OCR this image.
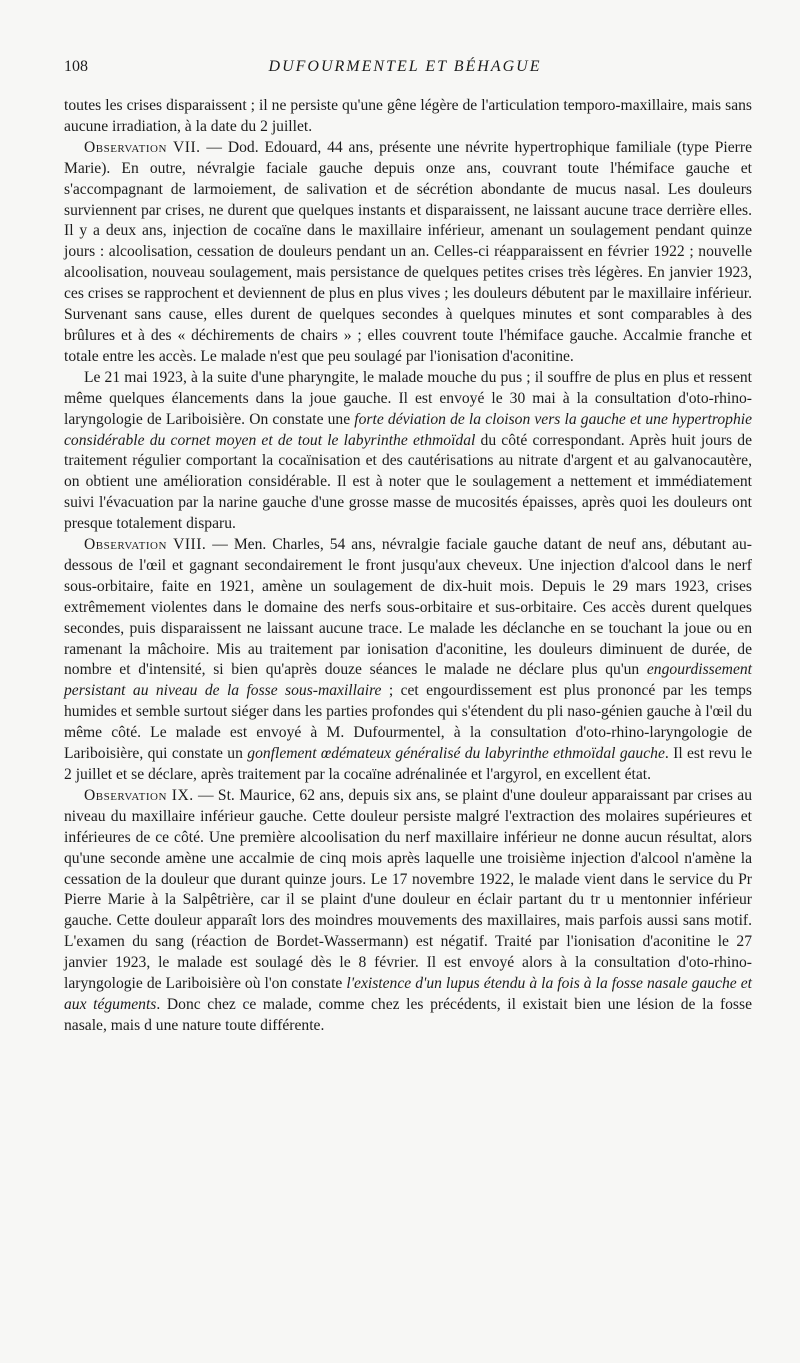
108	DUFOURMENTEL ET BÉHAGUE

toutes les crises disparaissent ; il ne persiste qu'une gêne légère de l'articulation temporo-maxillaire, mais sans aucune irradiation, à la date du 2 juillet.

Observation VII. — Dod. Edouard, 44 ans, présente une névrite hypertrophique familiale (type Pierre Marie). En outre, névralgie faciale gauche depuis onze ans, couvrant toute l'hémiface gauche et s'accompagnant de larmoiement, de salivation et de sécrétion abondante de mucus nasal. Les douleurs surviennent par crises, ne durent que quelques instants et disparaissent, ne laissant aucune trace derrière elles. Il y a deux ans, injection de cocaïne dans le maxillaire inférieur, amenant un soulagement pendant quinze jours : alcoolisation, cessation de douleurs pendant un an. Celles-ci réapparaissent en février 1922 ; nouvelle alcoolisation, nouveau soulagement, mais persistance de quelques petites crises très légères. En janvier 1923, ces crises se rapprochent et deviennent de plus en plus vives ; les douleurs débutent par le maxillaire inférieur. Survenant sans cause, elles durent de quelques secondes à quelques minutes et sont comparables à des brûlures et à des « déchirements de chairs » ; elles couvrent toute l'hémiface gauche. Accalmie franche et totale entre les accès. Le malade n'est que peu soulagé par l'ionisation d'aconitine.

Le 21 mai 1923, à la suite d'une pharyngite, le malade mouche du pus ; il souffre de plus en plus et ressent même quelques élancements dans la joue gauche. Il est envoyé le 30 mai à la consultation d'oto-rhino-laryngologie de Lariboisière. On constate une forte déviation de la cloison vers la gauche et une hypertrophie considérable du cornet moyen et de tout le labyrinthe ethmoïdal du côté correspondant. Après huit jours de traitement régulier comportant la cocaïnisation et des cautérisations au nitrate d'argent et au galvanocautère, on obtient une amélioration considérable. Il est à noter que le soulagement a nettement et immédiatement suivi l'évacuation par la narine gauche d'une grosse masse de mucosités épaisses, après quoi les douleurs ont presque totalement disparu.

Observation VIII. — Men. Charles, 54 ans, névralgie faciale gauche datant de neuf ans, débutant au-dessous de l'œil et gagnant secondairement le front jusqu'aux cheveux. Une injection d'alcool dans le nerf sous-orbitaire, faite en 1921, amène un soulagement de dix-huit mois. Depuis le 29 mars 1923, crises extrêmement violentes dans le domaine des nerfs sous-orbitaire et sus-orbitaire. Ces accès durent quelques secondes, puis disparaissent ne laissant aucune trace. Le malade les déclanche en se touchant la joue ou en ramenant la mâchoire. Mis au traitement par ionisation d'aconitine, les douleurs diminuent de durée, de nombre et d'intensité, si bien qu'après douze séances le malade ne déclare plus qu'un engourdissement persistant au niveau de la fosse sous-maxillaire ; cet engourdissement est plus prononcé par les temps humides et semble surtout siéger dans les parties profondes qui s'étendent du pli naso-génien gauche à l'œil du même côté. Le malade est envoyé à M. Dufourmentel, à la consultation d'oto-rhino-laryngologie de Lariboisière, qui constate un gonflement œdémateux généralisé du labyrinthe ethmoïdal gauche. Il est revu le 2 juillet et se déclare, après traitement par la cocaïne adrénalinée et l'argyrol, en excellent état.

Observation IX. — St. Maurice, 62 ans, depuis six ans, se plaint d'une douleur apparaissant par crises au niveau du maxillaire inférieur gauche. Cette douleur persiste malgré l'extraction des molaires supérieures et inférieures de ce côté. Une première alcoolisation du nerf maxillaire inférieur ne donne aucun résultat, alors qu'une seconde amène une accalmie de cinq mois après laquelle une troisième injection d'alcool n'amène la cessation de la douleur que durant quinze jours. Le 17 novembre 1922, le malade vient dans le service du Pr Pierre Marie à la Salpêtrière, car il se plaint d'une douleur en éclair partant du tr u mentonnier inférieur gauche. Cette douleur apparaît lors des moindres mouvements des maxillaires, mais parfois aussi sans motif. L'examen du sang (réaction de Bordet-Wassermann) est négatif. Traité par l'ionisation d'aconitine le 27 janvier 1923, le malade est soulagé dès le 8 février. Il est envoyé alors à la consultation d'oto-rhino-laryngologie de Lariboisière où l'on constate l'existence d'un lupus étendu à la fois à la fosse nasale gauche et aux téguments. Donc chez ce malade, comme chez les précédents, il existait bien une lésion de la fosse nasale, mais d une nature toute différente.
